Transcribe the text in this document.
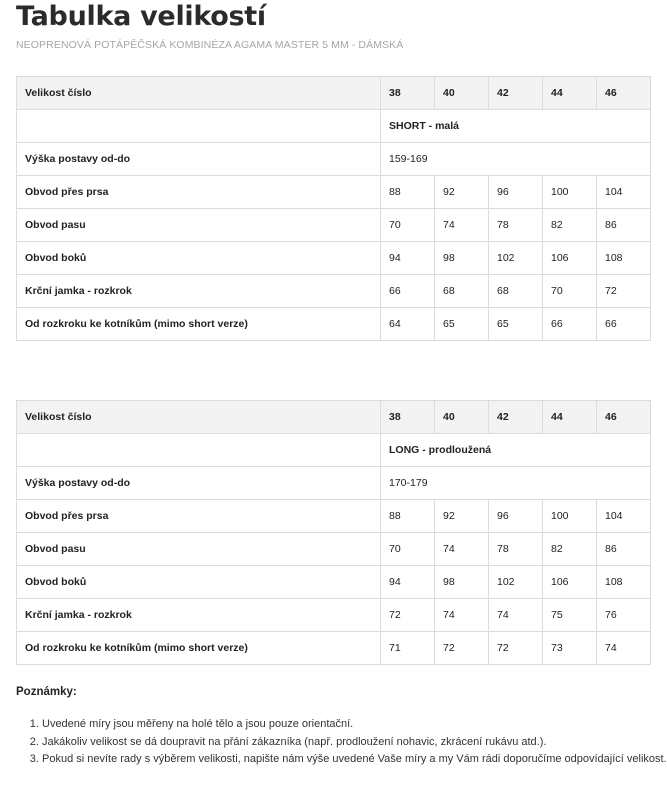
Tabulka velikostí
NEOPRENOVÁ POTÁPĚČSKÁ KOMBINÉZA AGAMA MASTER 5 MM - DÁMSKÁ
Velikost číslo	38	40	42	44	46
	SHORT - malá				
Výška postavy od-do	159-169				
Obvod přes prsa	88	92	96	100	104
Obvod pasu	70	74	78	82	86
Obvod boků	94	98	102	106	108
Krční jamka - rozkrok	66	68	68	70	72
Od rozkroku ke kotníkům (mimo short verze)	64	65	65	66	66
Velikost číslo	38	40	42	44	46
	LONG - prodloužená				
Výška postavy od-do	170-179				
Obvod přes prsa	88	92	96	100	104
Obvod pasu	70	74	78	82	86
Obvod boků	94	98	102	106	108
Krční jamka - rozkrok	72	74	74	75	76
Od rozkroku ke kotníkům (mimo short verze)	71	72	72	73	74
Poznámky:
1. Uvedené míry jsou měřeny na holé tělo a jsou pouze orientační.
2. Jakákoliv velikost se dá doupravit na přání zákazníka (např. prodloužení nohavic, zkrácení rukávu atd.).
3. Pokud si nevíte rady s výběrem velikosti, napište nám výše uvedené Vaše míry a my Vám rádi doporučíme odpovídající velikost.
